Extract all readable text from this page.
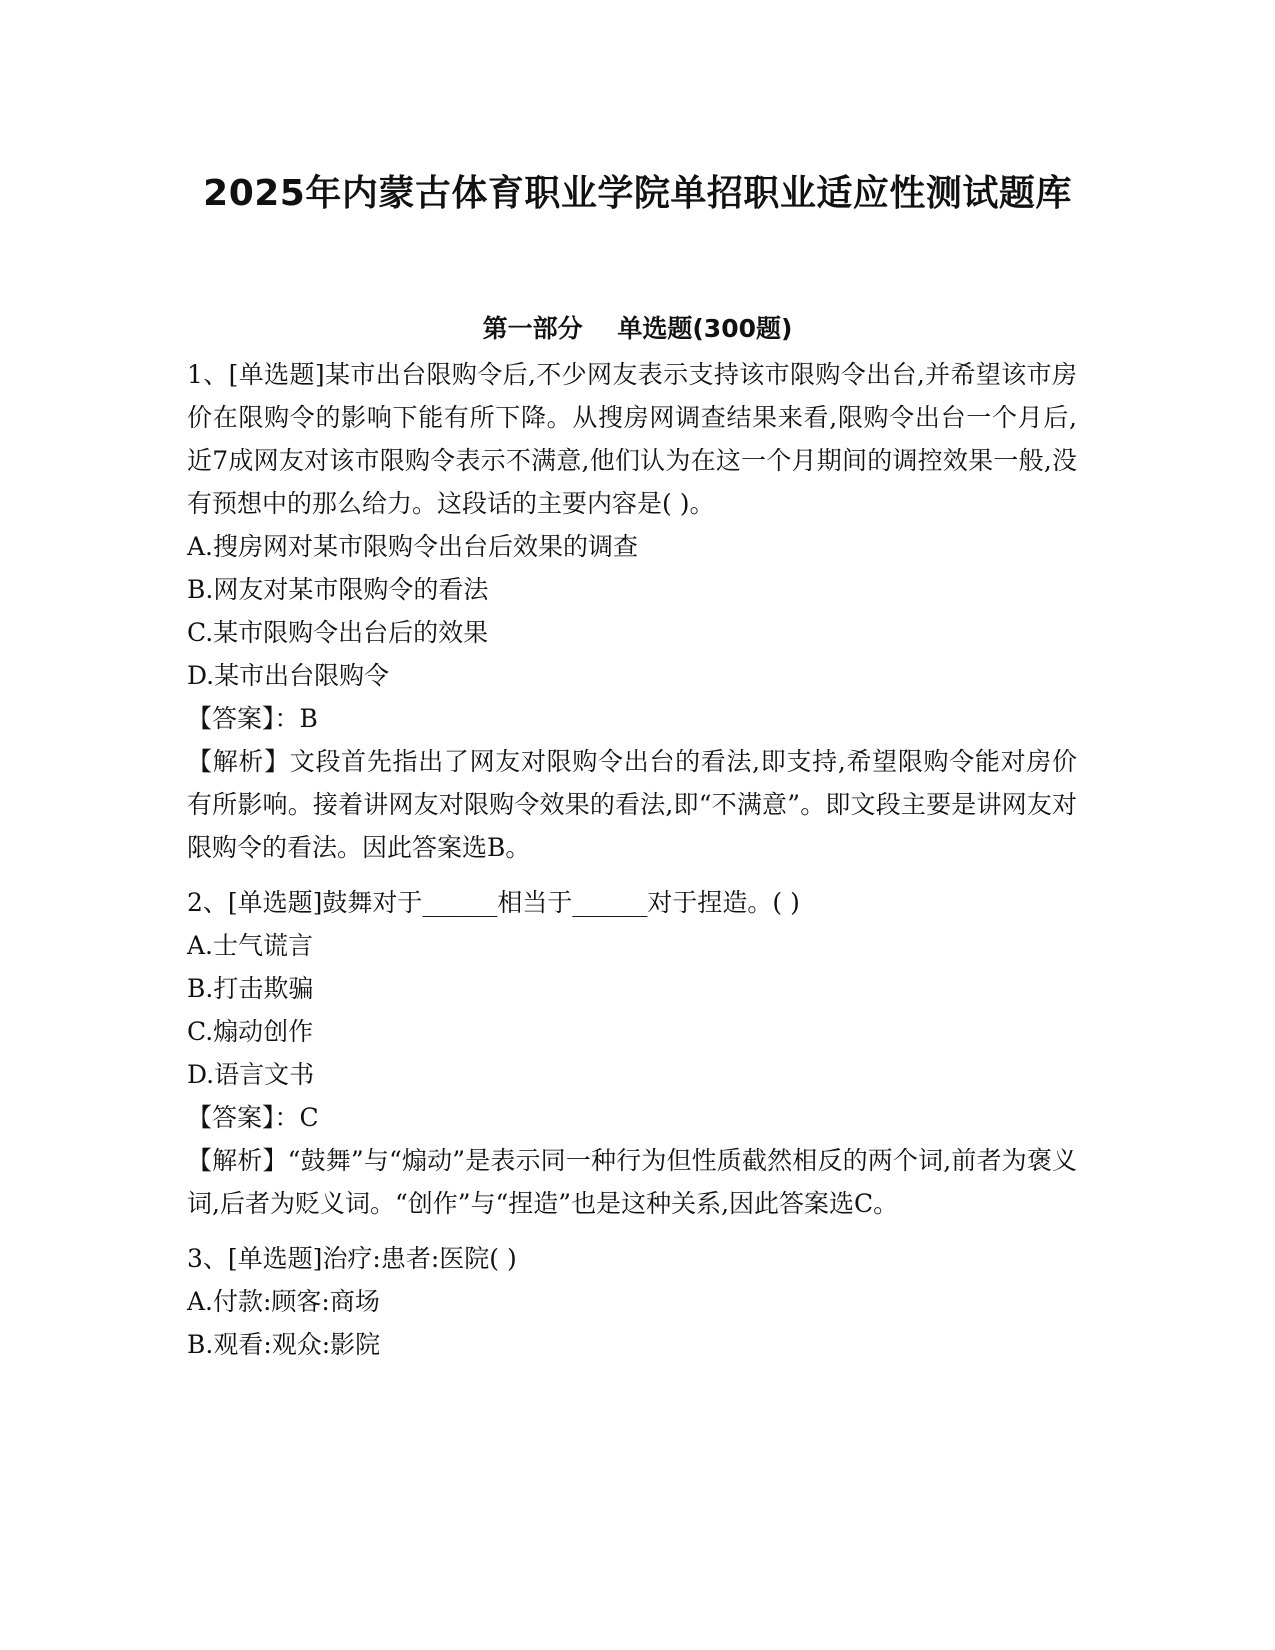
2025年内蒙古体育职业学院单招职业适应性测试题库
第一部分    单选题(300题)

1、[单选题]某市出台限购令后,不少网友表示支持该市限购令出台,并希望该市房价在限购令的影响下能有所下降。从搜房网调查结果来看,限购令出台一个月后,近7成网友对该市限购令表示不满意,他们认为在这一个月期间的调控效果一般,没有预想中的那么给力。这段话的主要内容是( )。

A.搜房网对某市限购令出台后效果的调查

B.网友对某市限购令的看法

C.某市限购令出台后的效果

D.某市出台限购令

【答案】：B

【解析】文段首先指出了网友对限购令出台的看法,即支持,希望限购令能对房价有所影响。接着讲网友对限购令效果的看法,即“不满意”。即文段主要是讲网友对限购令的看法。因此答案选B。

2、[单选题]鼓舞对于______相当于______对于捏造。( )

A.士气谎言

B.打击欺骗

C.煽动创作

D.语言文书

【答案】：C

【解析】“鼓舞”与“煽动”是表示同一种行为但性质截然相反的两个词,前者为褒义词,后者为贬义词。“创作”与“捏造”也是这种关系,因此答案选C。

3、[单选题]治疗:患者:医院( )

A.付款:顾客:商场

B.观看:观众:影院
